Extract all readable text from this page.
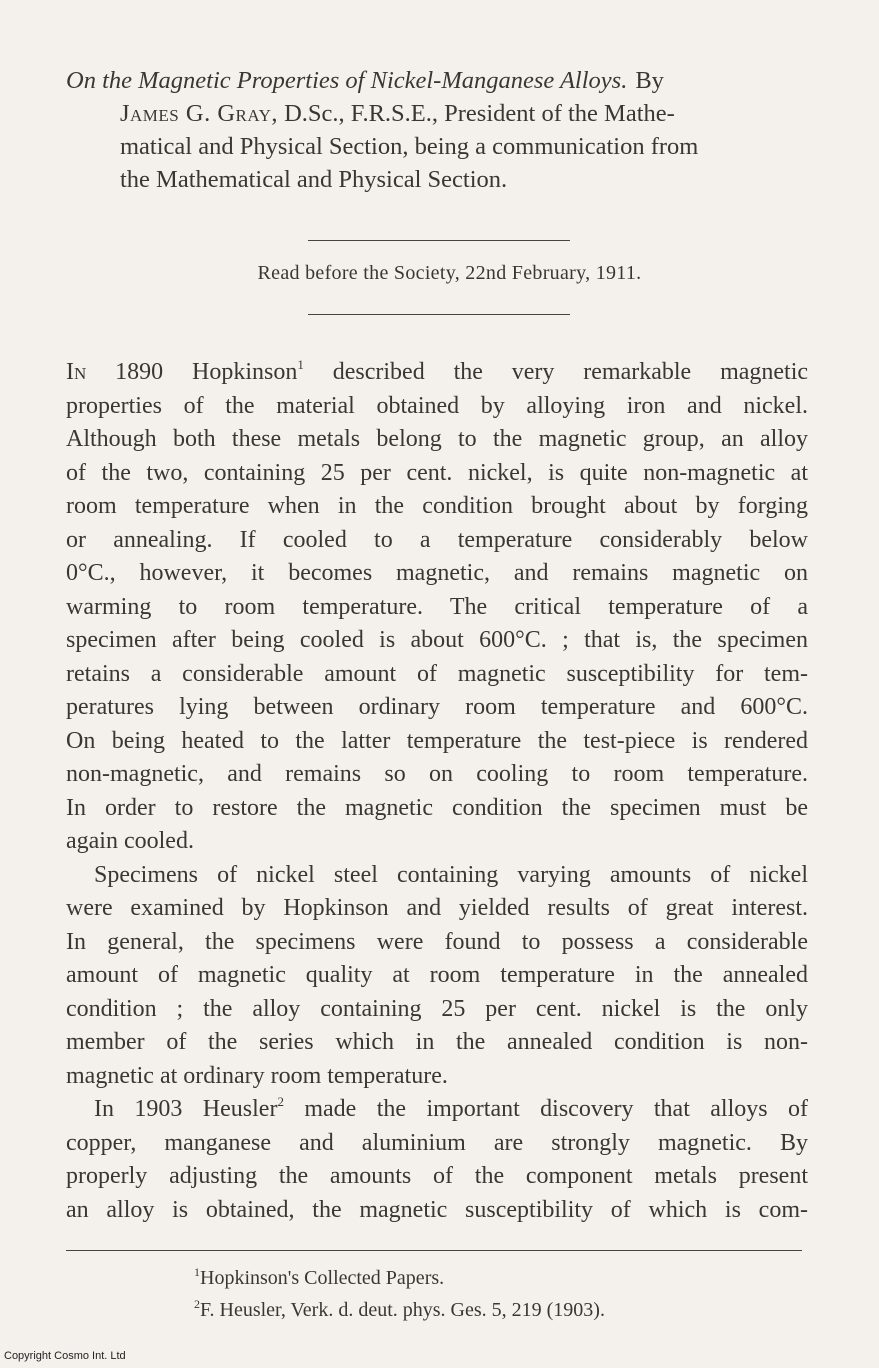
On the Magnetic Properties of Nickel-Manganese Alloys. By
James G. Gray, D.Sc., F.R.S.E., President of the Mathe-
matical and Physical Section, being a communication from
the Mathematical and Physical Section.
Read before the Society, 22nd February, 1911.
In 1890 Hopkinson$^1$ described the very remarkable magnetic
properties of the material obtained by alloying iron and nickel.
Although both these metals belong to the magnetic group, an alloy
of the two, containing 25 per cent. nickel, is quite non-magnetic at
room temperature when in the condition brought about by forging
or annealing. If cooled to a temperature considerably below
0°C., however, it becomes magnetic, and remains magnetic on
warming to room temperature. The critical temperature of a
specimen after being cooled is about 600°C. ; that is, the specimen
retains a considerable amount of magnetic susceptibility for tem-
peratures lying between ordinary room temperature and 600°C.
On being heated to the latter temperature the test-piece is rendered
non-magnetic, and remains so on cooling to room temperature.
In order to restore the magnetic condition the specimen must be
again cooled.
Specimens of nickel steel containing varying amounts of nickel
were examined by Hopkinson and yielded results of great interest.
In general, the specimens were found to possess a considerable
amount of magnetic quality at room temperature in the annealed
condition ; the alloy containing 25 per cent. nickel is the only
member of the series which in the annealed condition is non-
magnetic at ordinary room temperature.
In 1903 Heusler$^2$ made the important discovery that alloys of
copper, manganese and aluminium are strongly magnetic. By
properly adjusting the amounts of the component metals present
an alloy is obtained, the magnetic susceptibility of which is com-
$^1$Hopkinson's Collected Papers.
$^2$F. Heusler, Verk. d. deut. phys. Ges. 5, 219 (1903).
Copyright Cosmo Int. Ltd
